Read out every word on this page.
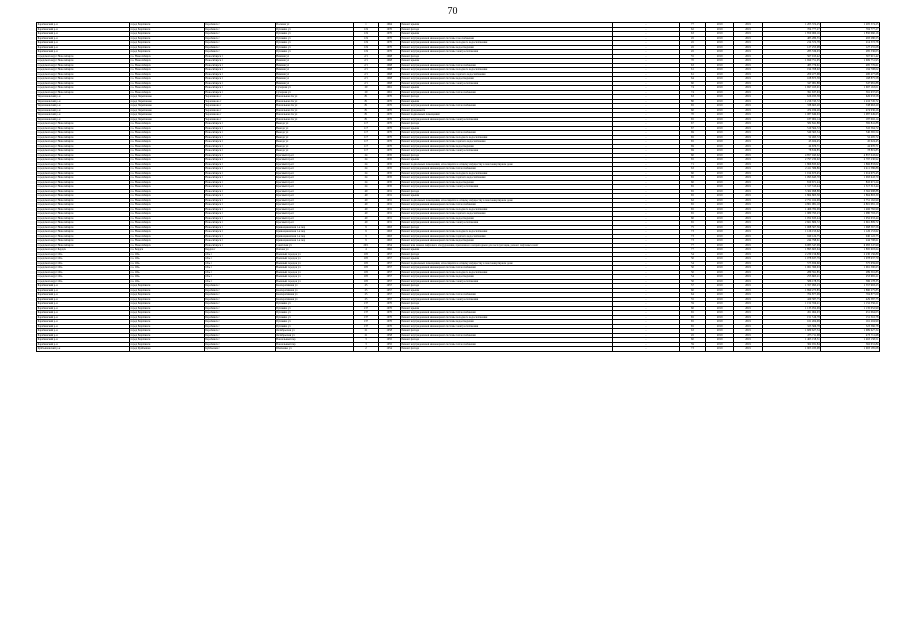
70
Барабинский р-н	город Барабинск	Барабинск г	Полевая ул	1	1964	Ремонт крыши	-	77	2019	2019	1 205 374,25	1 205 374,25
Барабинский р-н	город Барабинск	Барабинск г	Пушкина ул	119	1970	Ремонт фасада	-	62	2019	2019	704 777,27	704 777,27
Барабинский р-н	город Барабинск	Барабинск г	Пушкина ул	119	1970	Ремонт крыши	-	63	2019	2019	1 850 060,16	1 850 060,16
Барабинский р-н	город Барабинск	Барабинск г	Пушкина ул	119	1970	Ремонт внутридомовой инженерной системы газоснабжения	-	45	2019	2019	483 280,55	483 280,55
Барабинский р-н	город Барабинск	Барабинск г	Пушкина ул	119	1970	Ремонт внутридомовой инженерной системы холодного водоснабжения	-	45	2019	2019	214 572,78	214 572,78
Барабинский р-н	город Барабинск	Барабинск г	Пушкина ул	119	1970	Ремонт внутридомовой инженерной системы водоотведения	-	45	2019	2019	127 255,08	127 255,08
Барабинский р-н	город Барабинск	Барабинск г	Пушкина ул	119	1970	Ремонт внутридомовой инженерной системы электроснабжения	-	45	2019	2019	285 536,03	285 536,03
городской округ Новосибирск	г.о. Новосибирск	Новосибирск г	Нижняя ул	2/1	1968	Ремонт фасада	-	55	2019	2019	567 915,42	567 915,42
городской округ Новосибирск	г.о. Новосибирск	Новосибирск г	Нижняя ул	2/1	1968	Ремонт крыши	-	70	2019	2019	1 699 751,95	1 699 751,95
городской округ Новосибирск	г.о. Новосибирск	Новосибирск г	Нижняя ул	2/1	1968	Ремонт внутридомовой инженерной системы теплоснабжения	-	63	2019	2019	485 776,61	485 776,61
городской округ Новосибирск	г.о. Новосибирск	Новосибирск г	Нижняя ул	2/1	1968	Ремонт внутридомовой инженерной системы холодного водоснабжения	-	61	2019	2019	194 708,02	194 708,02
городской округ Новосибирск	г.о. Новосибирск	Новосибирск г	Нижняя ул	2/1	1968	Ремонт внутридомовой инженерной системы горячего водоснабжения	-	61	2019	2019	200 477,68	200 477,68
городской округ Новосибирск	г.о. Новосибирск	Новосибирск г	Нижняя ул	2/1	1968	Ремонт внутридомовой инженерной системы водоотведения	-	64	2019	2019	168 875,58	168 875,58
городской округ Новосибирск	г.о. Новосибирск	Новосибирск г	Нижняя ул	2/1	1968	Ремонт внутридомовой инженерной системы электроснабжения	-	60	2019	2019	347 981,88	347 981,88
городской округ Новосибирск	г.о. Новосибирск	Новосибирск г	Сухарная ул	20	1961	Ремонт крыши	-	74	2019	2019	1 697 163,01	1 697 163,01
городской округ Новосибирск	г.о. Новосибирск	Новосибирск г	Сухарная ул	20	1961	Ремонт внутридомовой инженерной системы теплоснабжения	-	74	2019	2019	391 637,63	391 637,63
Черепановский р-н	город Черепаново	Черепаново г	Вокзальная 2А ул	81	1970	Ремонт фасада	-	63	2019	2019	626 033,58	626 033,58
Черепановский р-н	город Черепаново	Черепаново г	Вокзальная 2А ул	81	1970	Ремонт крыши	-	80	2019	2019	1 216 745,72	1 216 745,72
Черепановский р-н	город Черепаново	Черепаново г	Вокзальная 2А ул	81	1970	Ремонт внутридомовой инженерной системы теплоснабжения	-	65	2019	2019	338 663,20	338 663,20
Черепановский р-н	город Черепаново	Черепаново г	Вокзальная 2А ул	81	1970	Ремонт фундамента	-	60	2019	2019	474 936,26	474 936,26
Черепановский р-н	город Черепаново	Черепаново г	Вокзальная 2А ул	81	1970	Ремонт подвальных помещений	-	70	2019	2019	1 087 649,63	1 087 649,63
Черепановский р-н	город Черепаново	Черепаново г	Вокзальная 2А ул	81	1970	Ремонт внутридомовой инженерной системы электроснабжения	-	65	2019	2019	187 002,14	187 002,14
городской округ Новосибирск	г.о. Новосибирск	Новосибирск г	Выезда ул	117	1970	Ремонт фасада	-	67	2019	2019	582 841,88	582 841,88
городской округ Новосибирск	г.о. Новосибирск	Новосибирск г	Выезда ул	117	1970	Ремонт крыши	-	67	2019	2019	510 564,72	510 564,72
городской округ Новосибирск	г.о. Новосибирск	Новосибирск г	Выезда ул	117	1970	Ремонт внутридомовой инженерной системы теплоснабжения	-	69	2019	2019	540 365,54	540 365,54
городской округ Новосибирск	г.о. Новосибирск	Новосибирск г	Выезда ул	117	1970	Ремонт внутридомовой инженерной системы холодного водоснабжения	-	65	2019	2019	52 495,72	52 495,72
городской округ Новосибирск	г.о. Новосибирск	Новосибирск г	Выезда ул	117	1970	Ремонт внутридомовой инженерной системы горячего водоснабжения	-	65	2019	2019	45 024,45	45 024,45
городской округ Новосибирск	г.о. Новосибирск	Новосибирск г	Выезда ул	117	1970	Ремонт внутридомовой инженерной системы водоотведения	-	69	2019	2019	44 670,71	44 670,71
городской округ Новосибирск	г.о. Новосибирск	Новосибирск г	Выезда ул	117	1970	Ремонт внутридомовой инженерной системы электроснабжения	-	69	2019	2019	78 819,85	78 819,85
городской округ Новосибирск	г.о. Новосибирск	Новосибирск г	Красный пр-кт	24	1935	Ремонт фасада	-	60	2019	2019	4 857 043,62	4 857 043,62
городской округ Новосибирск	г.о. Новосибирск	Новосибирск г	Красный пр-кт	24	1935	Ремонт крыши	-	65	2019	2019	2 797 230,92	2 797 230,92
городской округ Новосибирск	г.о. Новосибирск	Новосибирск г	Красный пр-кт	24	1935	Ремонт подвальных помещений, относящихся к общему имуществу в многоквартирном доме	-	71	2019	2019	1 866 833,02	1 866 833,02
городской округ Новосибирск	г.о. Новосибирск	Новосибирск г	Красный пр-кт	24	1935	Ремонт внутридомовой инженерной системы теплоснабжения	-	63	2019	2019	2 411 586,86	2 411 586,86
городской округ Новосибирск	г.о. Новосибирск	Новосибирск г	Красный пр-кт	24	1935	Ремонт внутридомовой инженерной системы холодного водоснабжения	-	60	2019	2019	1 014 675,45	1 014 675,45
городской округ Новосибирск	г.о. Новосибирск	Новосибирск г	Красный пр-кт	24	1935	Ремонт внутридомовой инженерной системы горячего водоснабжения	-	65	2019	2019	1 093 643,70	1 093 643,70
городской округ Новосибирск	г.о. Новосибирск	Новосибирск г	Красный пр-кт	24	1935	Ремонт внутридомовой инженерной системы водоотведения	-	60	2019	2019	810 671,24	810 671,24
городской округ Новосибирск	г.о. Новосибирск	Новосибирск г	Красный пр-кт	24	1935	Ремонт внутридомовой инженерной системы электроснабжения	-	65	2019	2019	1 317 313,44	1 317 313,44
городской округ Новосибирск	г.о. Новосибирск	Новосибирск г	Красный пр-кт	49	1931	Ремонт фасада	-	65	2019	2019	3 362 998,88	3 362 998,88
городской округ Новосибирск	г.о. Новосибирск	Новосибирск г	Красный пр-кт	49	1931	Ремонт крыши	-	65	2019	2019	1 864 803,30	1 864 803,30
городской округ Новосибирск	г.о. Новосибирск	Новосибирск г	Красный пр-кт	49	1931	Ремонт подвальных помещений, относящихся к общему имуществу в многоквартирном доме	-	62	2019	2019	2 751 162,99	2 751 162,99
городской округ Новосибирск	г.о. Новосибирск	Новосибирск г	Красный пр-кт	49	1931	Ремонт внутридомовой инженерной системы теплоснабжения	-	65	2019	2019	4 801 081,10	4 801 081,10
городской округ Новосибирск	г.о. Новосибирск	Новосибирск г	Красный пр-кт	49	1931	Ремонт внутридомовой инженерной системы холодного водоснабжения	-	65	2019	2019	1 466 782,99	1 466 782,99
городской округ Новосибирск	г.о. Новосибирск	Новосибирск г	Красный пр-кт	49	1931	Ремонт внутридомовой инженерной системы горячего водоснабжения	-	65	2019	2019	1 980 793,23	1 980 793,23
городской округ Новосибирск	г.о. Новосибирск	Новосибирск г	Красный пр-кт	49	1931	Ремонт внутридомовой инженерной системы водоотведения	-	60	2019	2019	1 052 633,44	1 052 633,44
городской округ Новосибирск	г.о. Новосибирск	Новосибирск г	Красный пр-кт	49	1931	Ремонт внутридомовой инженерной системы электроснабжения	-	65	2019	2019	2 661 809,72	2 661 809,72
городской округ Новосибирск	г.о. Новосибирск	Новосибирск г	Кривощековская 1-я пер	9	1963	Ремонт фасада	-	75	2019	2019	1 068 567,56	1 068 567,56
городской округ Новосибирск	г.о. Новосибирск	Новосибирск г	Кривощековская 1-я пер	9	1963	Ремонт внутридомовой инженерной системы холодного водоснабжения	-	73	2019	2019	1 126 153,62	1 126 153,62
городской округ Новосибирск	г.о. Новосибирск	Новосибирск г	Кривощековская 1-я пер	9	1963	Ремонт внутридомовой инженерной системы горячего водоснабжения	-	73	2019	2019	940 122,75	940 122,75
городской округ Новосибирск	г.о. Новосибирск	Новосибирск г	Кривощековская 1-я пер	9	1963	Ремонт внутридомовой инженерной системы водоотведения	-	73	2019	2019	244 798,61	244 798,61
городской округ Новосибирск	г.о. Новосибирск	Новосибирск г	Советская ул	20/1	1954	Ремонт или замена лифтового оборудования, признанного непригодным для эксплуатации, ремонт лифтовых шахт	-	77	2019	2019	6 083 547,99	6 083 547,99
городской округ Бердск	г.о. Бердск	Бердск г	Попова ул	4	1962	Ремонт крыши	-	77	2019	2019	1 895 603,64	1 895 603,64
городской округ Обь	г.о. Обь	Обь г	Военный городок ул	105	1957	Ремонт фасада	-	54	2019	2019	2 230 156,80	2 230 156,80
городской округ Обь	г.о. Обь	Обь г	Военный городок ул	105	1957	Ремонт крыши	-	50	2019	2019	1 078 637,79	1 078 637,79
городской округ Обь	г.о. Обь	Обь г	Военный городок ул	105	1957	Ремонт подвальных помещений, относящихся к общему имуществу в многоквартирном доме	-	54	2019	2019	575 659,60	575 659,60
городской округ Обь	г.о. Обь	Обь г	Военный городок ул	105	1957	Ремонт внутридомовой инженерной системы теплоснабжения	-	50	2019	2019	1 061 390,63	1 061 390,63
городской округ Обь	г.о. Обь	Обь г	Военный городок ул	105	1957	Ремонт внутридомовой инженерной системы холодного водоснабжения	-	50	2019	2019	289 591,85	289 591,85
городской округ Обь	г.о. Обь	Обь г	Военный городок ул	105	1957	Ремонт внутридомовой инженерной системы водоотведения	-	54	2019	2019	253 665,21	253 665,21
городской округ Обь	г.о. Обь	Обь г	Военный городок ул	105	1957	Ремонт внутридомовой инженерной системы электроснабжения	-	50	2019	2019	586 178,35	586 178,35
Барабинский р-н	город Барабинск	Барабинск г	Кооперативная ул	25	1957	Ремонт фасада	-	57	2019	2019	1 357 993,23	1 357 993,23
Барабинский р-н	город Барабинск	Барабинск г	Кооперативная ул	25	1957	Ремонт крыши	-	60	2019	2019	1 890 275,85	1 890 275,85
Барабинский р-н	город Барабинск	Барабинск г	Кооперативная ул	25	1957	Ремонт внутридомовой инженерной системы теплоснабжения	-	64	2019	2019	704 877,09	704 877,09
Барабинский р-н	город Барабинск	Барабинск г	Кооперативная ул	25	1957	Ремонт внутридомовой инженерной системы электроснабжения	-	55	2019	2019	429 587,75	429 587,75
Барабинский р-н	город Барабинск	Барабинск г	Пушкина ул	137	1970	Ремонт фасада	-	59	2019	2019	1 152 356,21	1 152 356,21
Барабинский р-н	город Барабинск	Барабинск г	Пушкина ул	137	1970	Ремонт крыши	-	60	2019	2019	1 135 052,99	1 135 052,99
Барабинский р-н	город Барабинск	Барабинск г	Пушкина ул	137	1970	Ремонт внутридомовой инженерной системы теплоснабжения	-	65	2019	2019	451 064,03	451 064,03
Барабинский р-н	город Барабинск	Барабинск г	Пушкина ул	137	1970	Ремонт внутридомовой инженерной системы холодного водоснабжения	-	65	2019	2019	151 516,78	151 516,78
Барабинский р-н	город Барабинск	Барабинск г	Пушкина ул	137	1970	Ремонт внутридомовой инженерной системы водоотведения	-	65	2019	2019	161 204,99	161 204,99
Барабинский р-н	город Барабинск	Барабинск г	Пушкина ул	137	1970	Ремонт внутридомовой инженерной системы электроснабжения	-	65	2019	2019	323 566,78	323 566,78
Барабинский р-н	город Барабинск	Барабинск г	Октябрьская ул	21	1958	Ремонт фасада	-	63	2019	2019	1 689 627,34	1 689 627,34
Барабинский р-н	город Барабинск	Барабинск г	Октябрьская ул	21	1958	Ремонт внутридомовой инженерной системы теплоснабжения	-	45	2019	2019	475 711,68	475 711,68
Барабинский р-н	город Барабинск	Барабинск г	Вокзальный пер	3	1955	Ремонт фасада	-	60	2019	2019	1 463 158,51	1 463 158,51
Барабинский р-н	город Барабинск	Барабинск г	Вокзальный пер	3	1955	Ремонт внутридомовой инженерной системы теплоснабжения	-	59	2019	2019	362 031,84	362 031,84
Куйбышевский р-н	город Куйбышев	Куйбышев г	Шевченко ул	2	1954	Ремонт фасада	-	73	2019	2019	1 903 185,08	1 903 185,08
